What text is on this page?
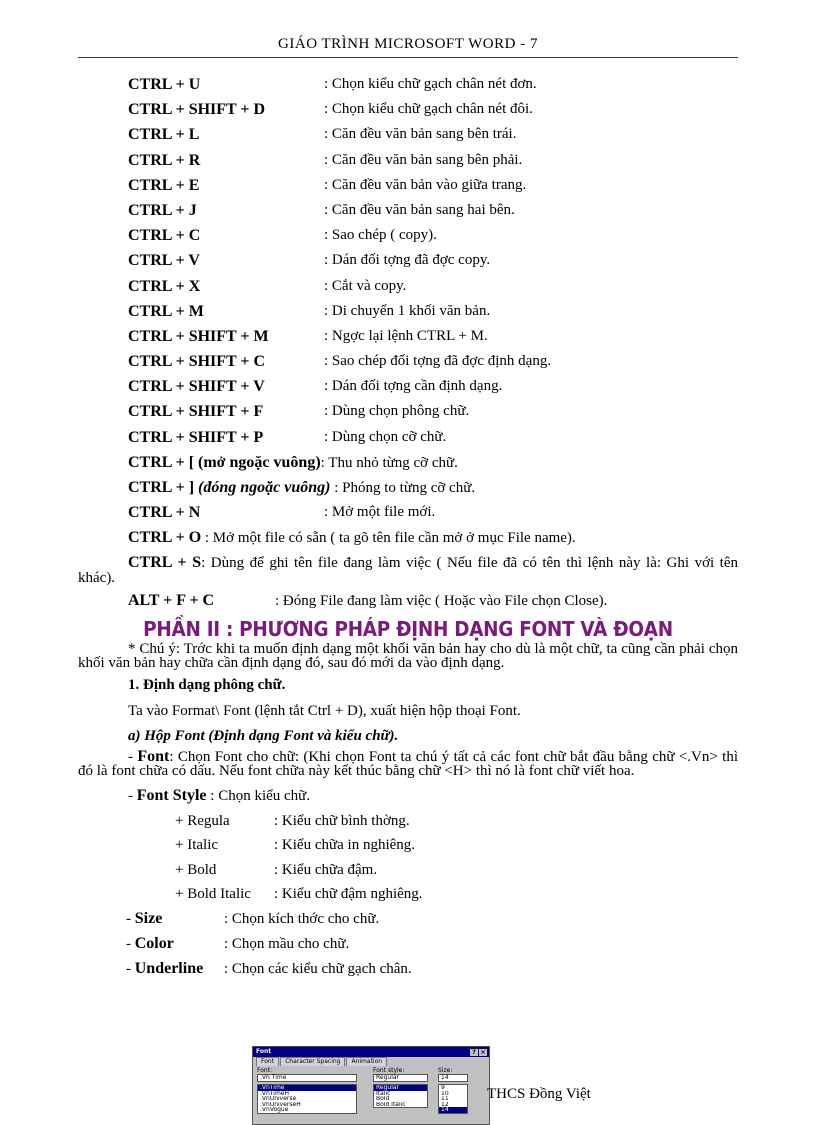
GIÁO TRÌNH MICROSOFT WORD - 7
CTRL + U	: Chọn kiểu chữ gạch chân nét đơn.
CTRL + SHIFT + D	: Chọn kiểu chữ gạch chân nét đôi.
CTRL + L	: Căn đều văn bản sang bên trái.
CTRL + R	: Căn đều văn bản sang bên phải.
CTRL + E	: Căn đều văn bản vào giữa trang.
CTRL + J	: Căn đều văn bản sang hai bên.
CTRL + C	: Sao chép ( copy).
CTRL + V	: Dán đối tợng đã đợc copy.
CTRL + X	: Cắt và copy.
CTRL + M	: Di chuyển 1 khối văn bản.
CTRL + SHIFT + M	: Ngợc lại lệnh CTRL + M.
CTRL + SHIFT + C	: Sao chép đối tợng đã đợc định dạng.
CTRL + SHIFT + V	: Dán đối tợng cần định dạng.
CTRL + SHIFT + F	: Dùng chọn phông chữ.
CTRL + SHIFT + P	: Dùng chọn cỡ chữ.
CTRL + [ (mở ngoặc vuông): Thu nhỏ từng cỡ chữ.
CTRL + ] (đóng ngoặc vuông) : Phóng to từng cỡ chữ.
CTRL + N	: Mở một file mới.
CTRL + O : Mở một file có sẵn ( ta gõ tên file cần mở ở mục File name).

CTRL + S: Dùng để ghi tên file đang làm việc ( Nếu file đã có tên thì lệnh này là: Ghi với tên khác).

ALT + F + C	: Đóng File đang làm việc ( Hoặc vào File chọn Close).
PHẦN II : PHƯƠNG PHÁP ĐỊNH DẠNG FONT VÀ ĐOẠN

* Chú ý: Trớc khi ta muốn định dạng một khối văn bản hay cho dù là một chữ, ta cũng cần phải chọn khối văn bản hay chữa cần định dạng đó, sau đó mới da vào định dạng.

1. Định dạng phông chữ.
Ta vào Format\ Font (lệnh tắt Ctrl + D), xuất hiện hộp thoại Font.
a) Hộp Font (Định dạng Font và kiểu chữ).

- Font: Chọn Font cho chữ: (Khi chọn Font ta chú ý tất cả các font chữ bắt đầu bằng chữ <.Vn> thì đó là font chữa có dấu. Nếu font chữa này kết thúc bằng chữ <H> thì nó là font chữ viết hoa.

- Font Style : Chọn kiểu chữ.
+ Regula	: Kiểu chữ bình thờng.
+ Italic	: Kiểu chữa in nghiêng.
+ Bold	: Kiểu chữa đậm.
+ Bold Italic : Kiểu chữ đậm nghiêng.
- Size	: Chọn kích thớc cho chữ.
- Color	: Chọn mầu cho chữ.
- Underline : Chọn các kiểu chữ gạch chân.
Font	? ×
Font Character Spacing Animation
Font:
.Vn Time
.VnTime
.VnTimeH
.VnUniverse
.VnUniverseH
.VnVogue
Font style:
Regular
Regular
Italic
Bold
Bold Italic
Size:
14
9
10
11
12
14
THCS Đồng Việt
